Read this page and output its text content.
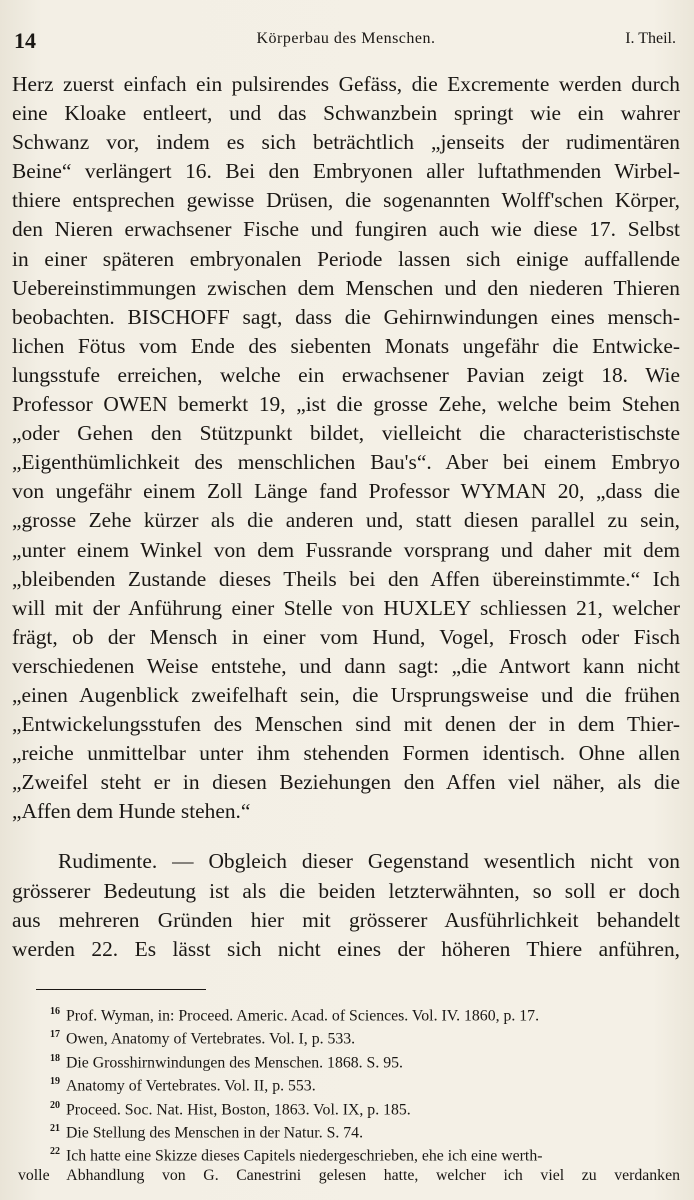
14	Körperbau des Menschen.	I. Theil.
Herz zuerst einfach ein pulsirendes Gefäss, die Excremente werden durch
eine Kloake entleert, und das Schwanzbein springt wie ein wahrer
Schwanz vor, indem es sich beträchtlich „jenseits der rudimentären
Beine“ verlängert 16. Bei den Embryonen aller luftathmenden Wirbel-
thiere entsprechen gewisse Drüsen, die sogenannten Wolff'schen Körper,
den Nieren erwachsener Fische und fungiren auch wie diese 17. Selbst
in einer späteren embryonalen Periode lassen sich einige auffallende
Uebereinstimmungen zwischen dem Menschen und den niederen Thieren
beobachten. BISCHOFF sagt, dass die Gehirnwindungen eines mensch-
lichen Fötus vom Ende des siebenten Monats ungefähr die Entwicke-
lungsstufe erreichen, welche ein erwachsener Pavian zeigt 18. Wie
Professor OWEN bemerkt 19, „ist die grosse Zehe, welche beim Stehen
„oder Gehen den Stützpunkt bildet, vielleicht die characteristischste
„Eigenthümlichkeit des menschlichen Bau's“. Aber bei einem Embryo
von ungefähr einem Zoll Länge fand Professor WYMAN 20, „dass die
„grosse Zehe kürzer als die anderen und, statt diesen parallel zu sein,
„unter einem Winkel von dem Fussrande vorsprang und daher mit dem
„bleibenden Zustande dieses Theils bei den Affen übereinstimmte.“ Ich
will mit der Anführung einer Stelle von HUXLEY schliessen 21, welcher
frägt, ob der Mensch in einer vom Hund, Vogel, Frosch oder Fisch
verschiedenen Weise entstehe, und dann sagt: „die Antwort kann nicht
„einen Augenblick zweifelhaft sein, die Ursprungsweise und die frühen
„Entwickelungsstufen des Menschen sind mit denen der in dem Thier-
„reiche unmittelbar unter ihm stehenden Formen identisch. Ohne allen
„Zweifel steht er in diesen Beziehungen den Affen viel näher, als die
„Affen dem Hunde stehen.“
Rudimente. — Obgleich dieser Gegenstand wesentlich nicht von
grösserer Bedeutung ist als die beiden letzterwähnten, so soll er doch
aus mehreren Gründen hier mit grösserer Ausführlichkeit behandelt
werden 22. Es lässt sich nicht eines der höheren Thiere anführen,
$^{16}$ Prof. Wyman, in: Proceed. Americ. Acad. of Sciences. Vol. IV. 1860, p. 17.
$^{17}$ Owen, Anatomy of Vertebrates. Vol. I, p. 533.
$^{18}$ Die Grosshirnwindungen des Menschen. 1868. S. 95.
$^{19}$ Anatomy of Vertebrates. Vol. II, p. 553.
$^{20}$ Proceed. Soc. Nat. Hist, Boston, 1863. Vol. IX, p. 185.
$^{21}$ Die Stellung des Menschen in der Natur. S. 74.
$^{22}$ Ich hatte eine Skizze dieses Capitels niedergeschrieben, ehe ich eine werth-
volle Abhandlung von G. Canestrini gelesen hatte, welcher ich viel zu verdanken
